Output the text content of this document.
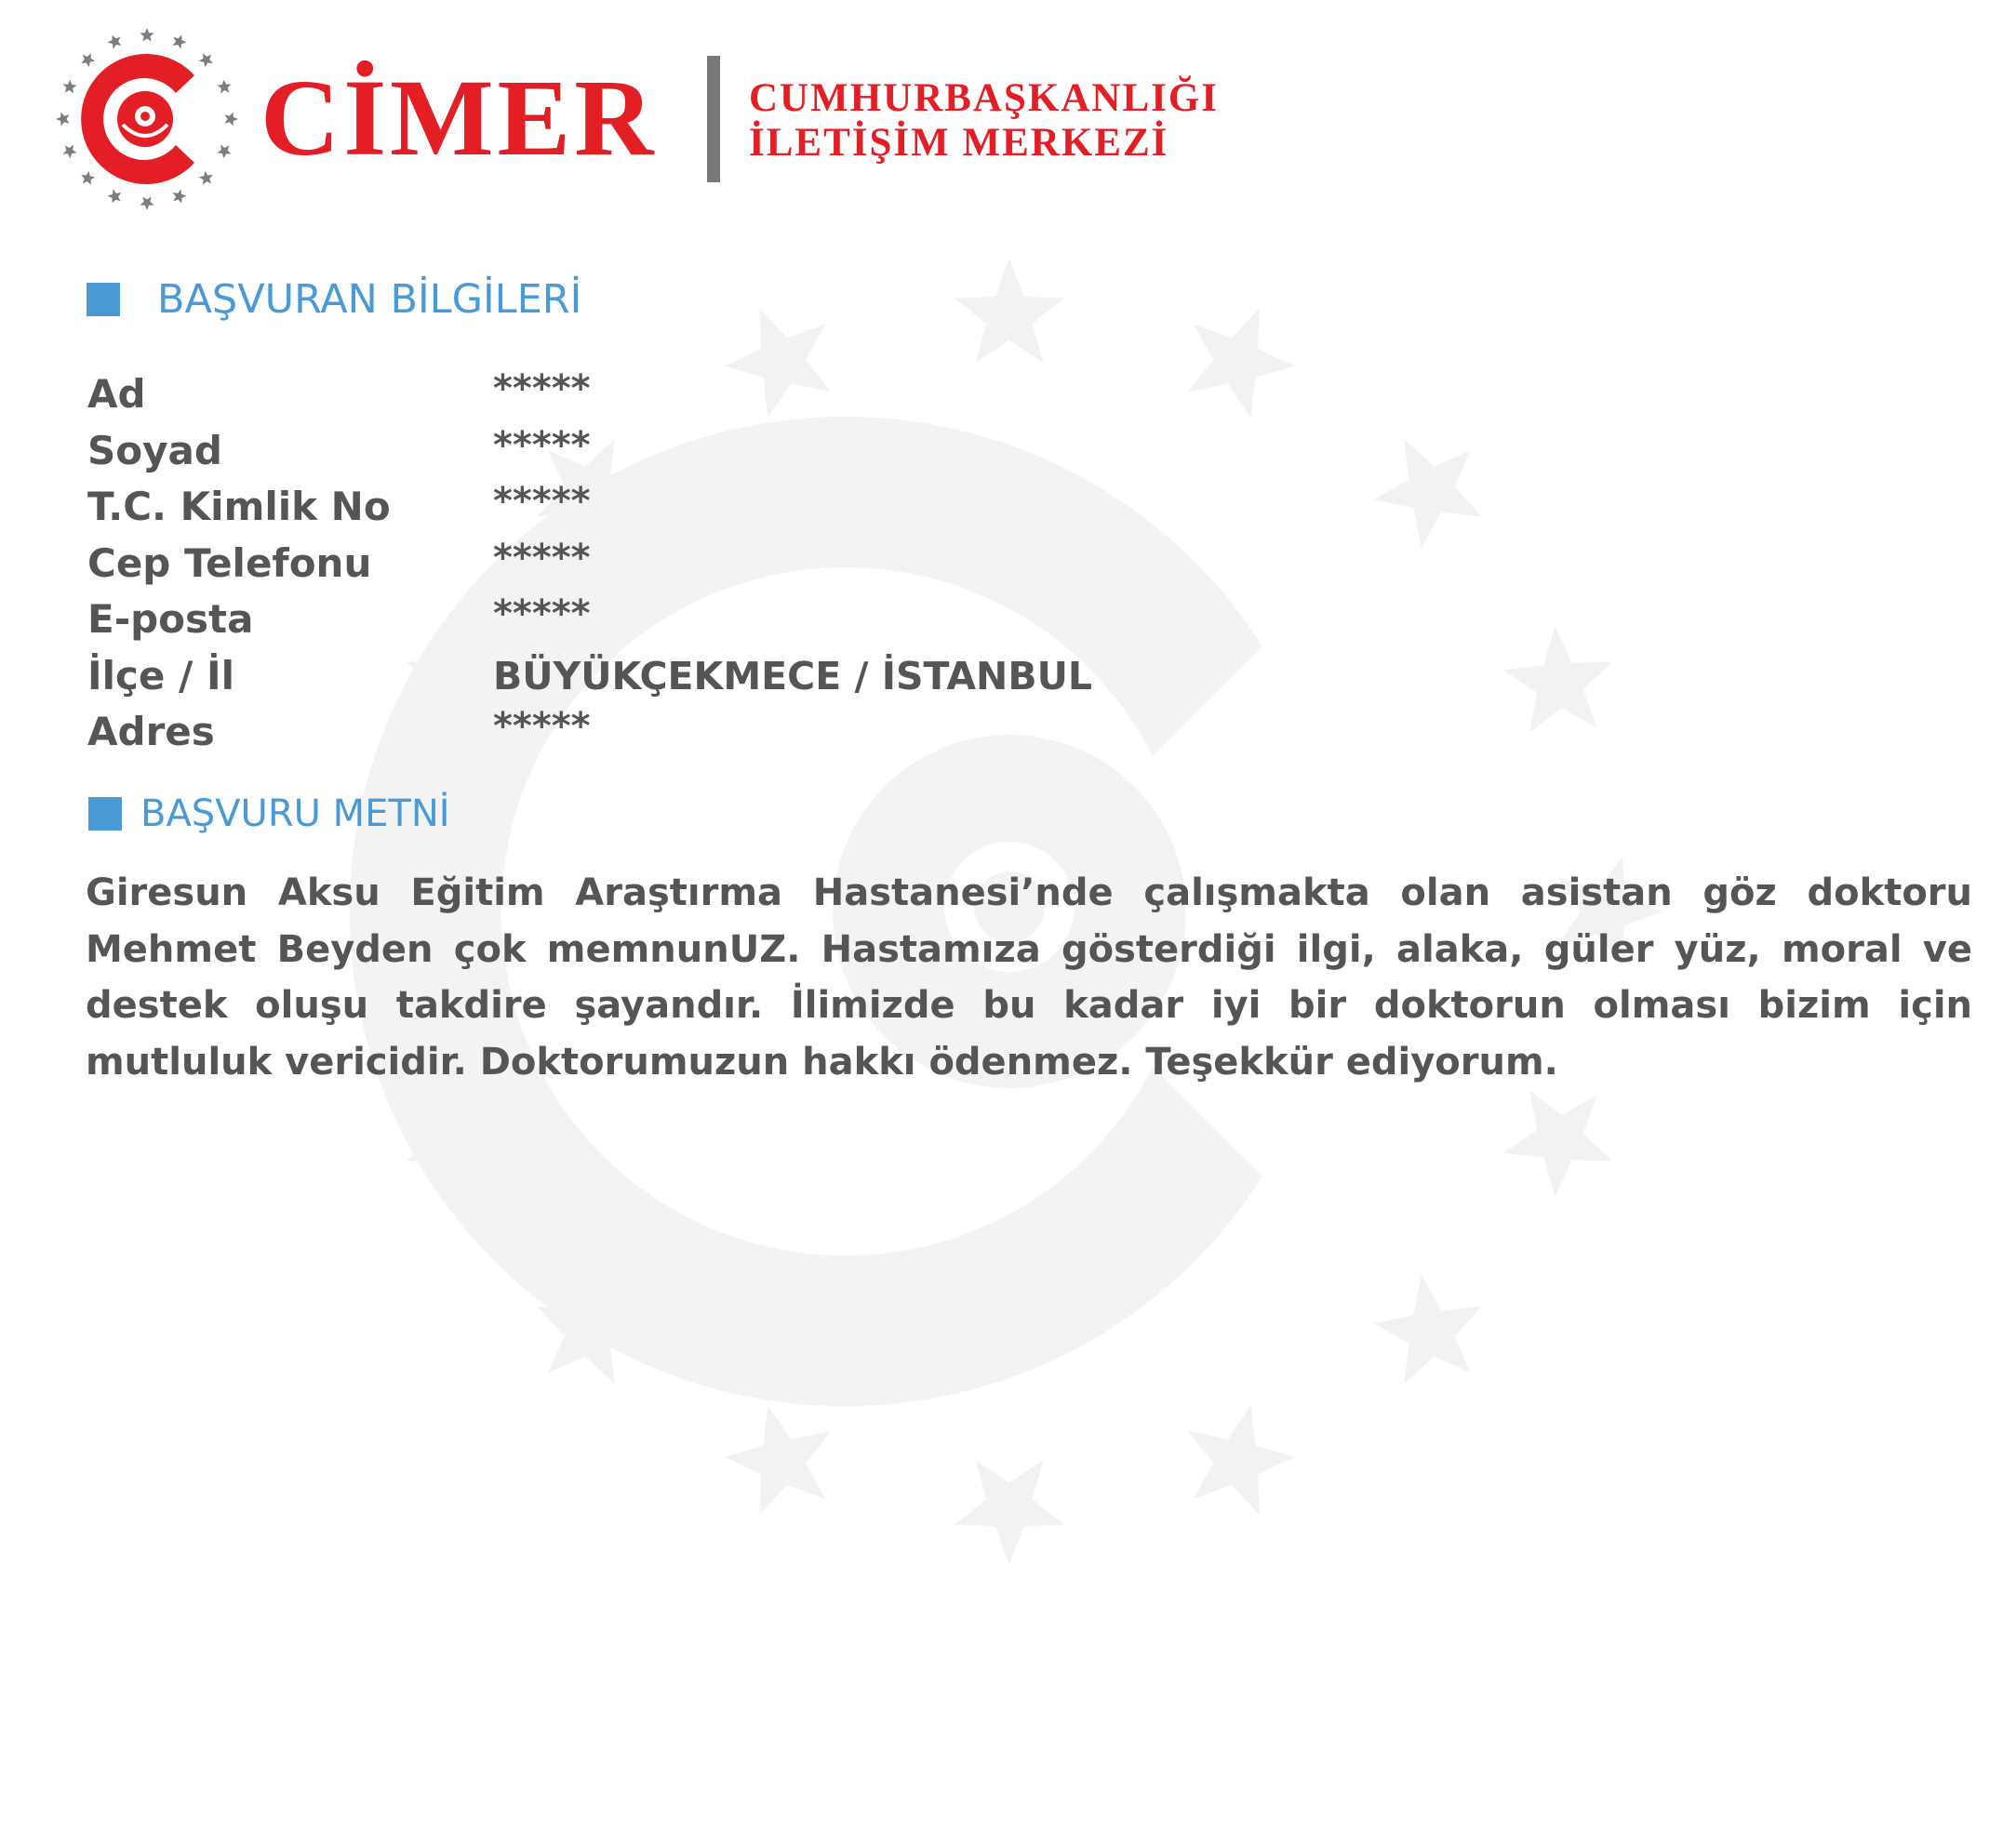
CİMER CUMHURBAŞKANLIĞI
İLETİŞİM MERKEZİ
BAŞVURAN BİLGİLERİ
Ad	*****
Soyad	*****
T.C. Kimlik No	*****
Cep Telefonu	*****
E-posta	*****
İlçe / İl	BÜYÜKÇEKMECE / İSTANBUL
Adres	*****
BAŞVURU METNİ
Giresun Aksu Eğitim Araştırma Hastanesi’nde çalışmakta olan asistan göz doktoru Mehmet Beyden çok memnunUZ. Hastamıza gösterdiği ilgi, alaka, güler yüz, moral ve destek oluşu takdire şayandır. İlimizde bu kadar iyi bir doktorun olması bizim için mutluluk vericidir. Doktorumuzun hakkı ödenmez. Teşekkür ediyorum.
